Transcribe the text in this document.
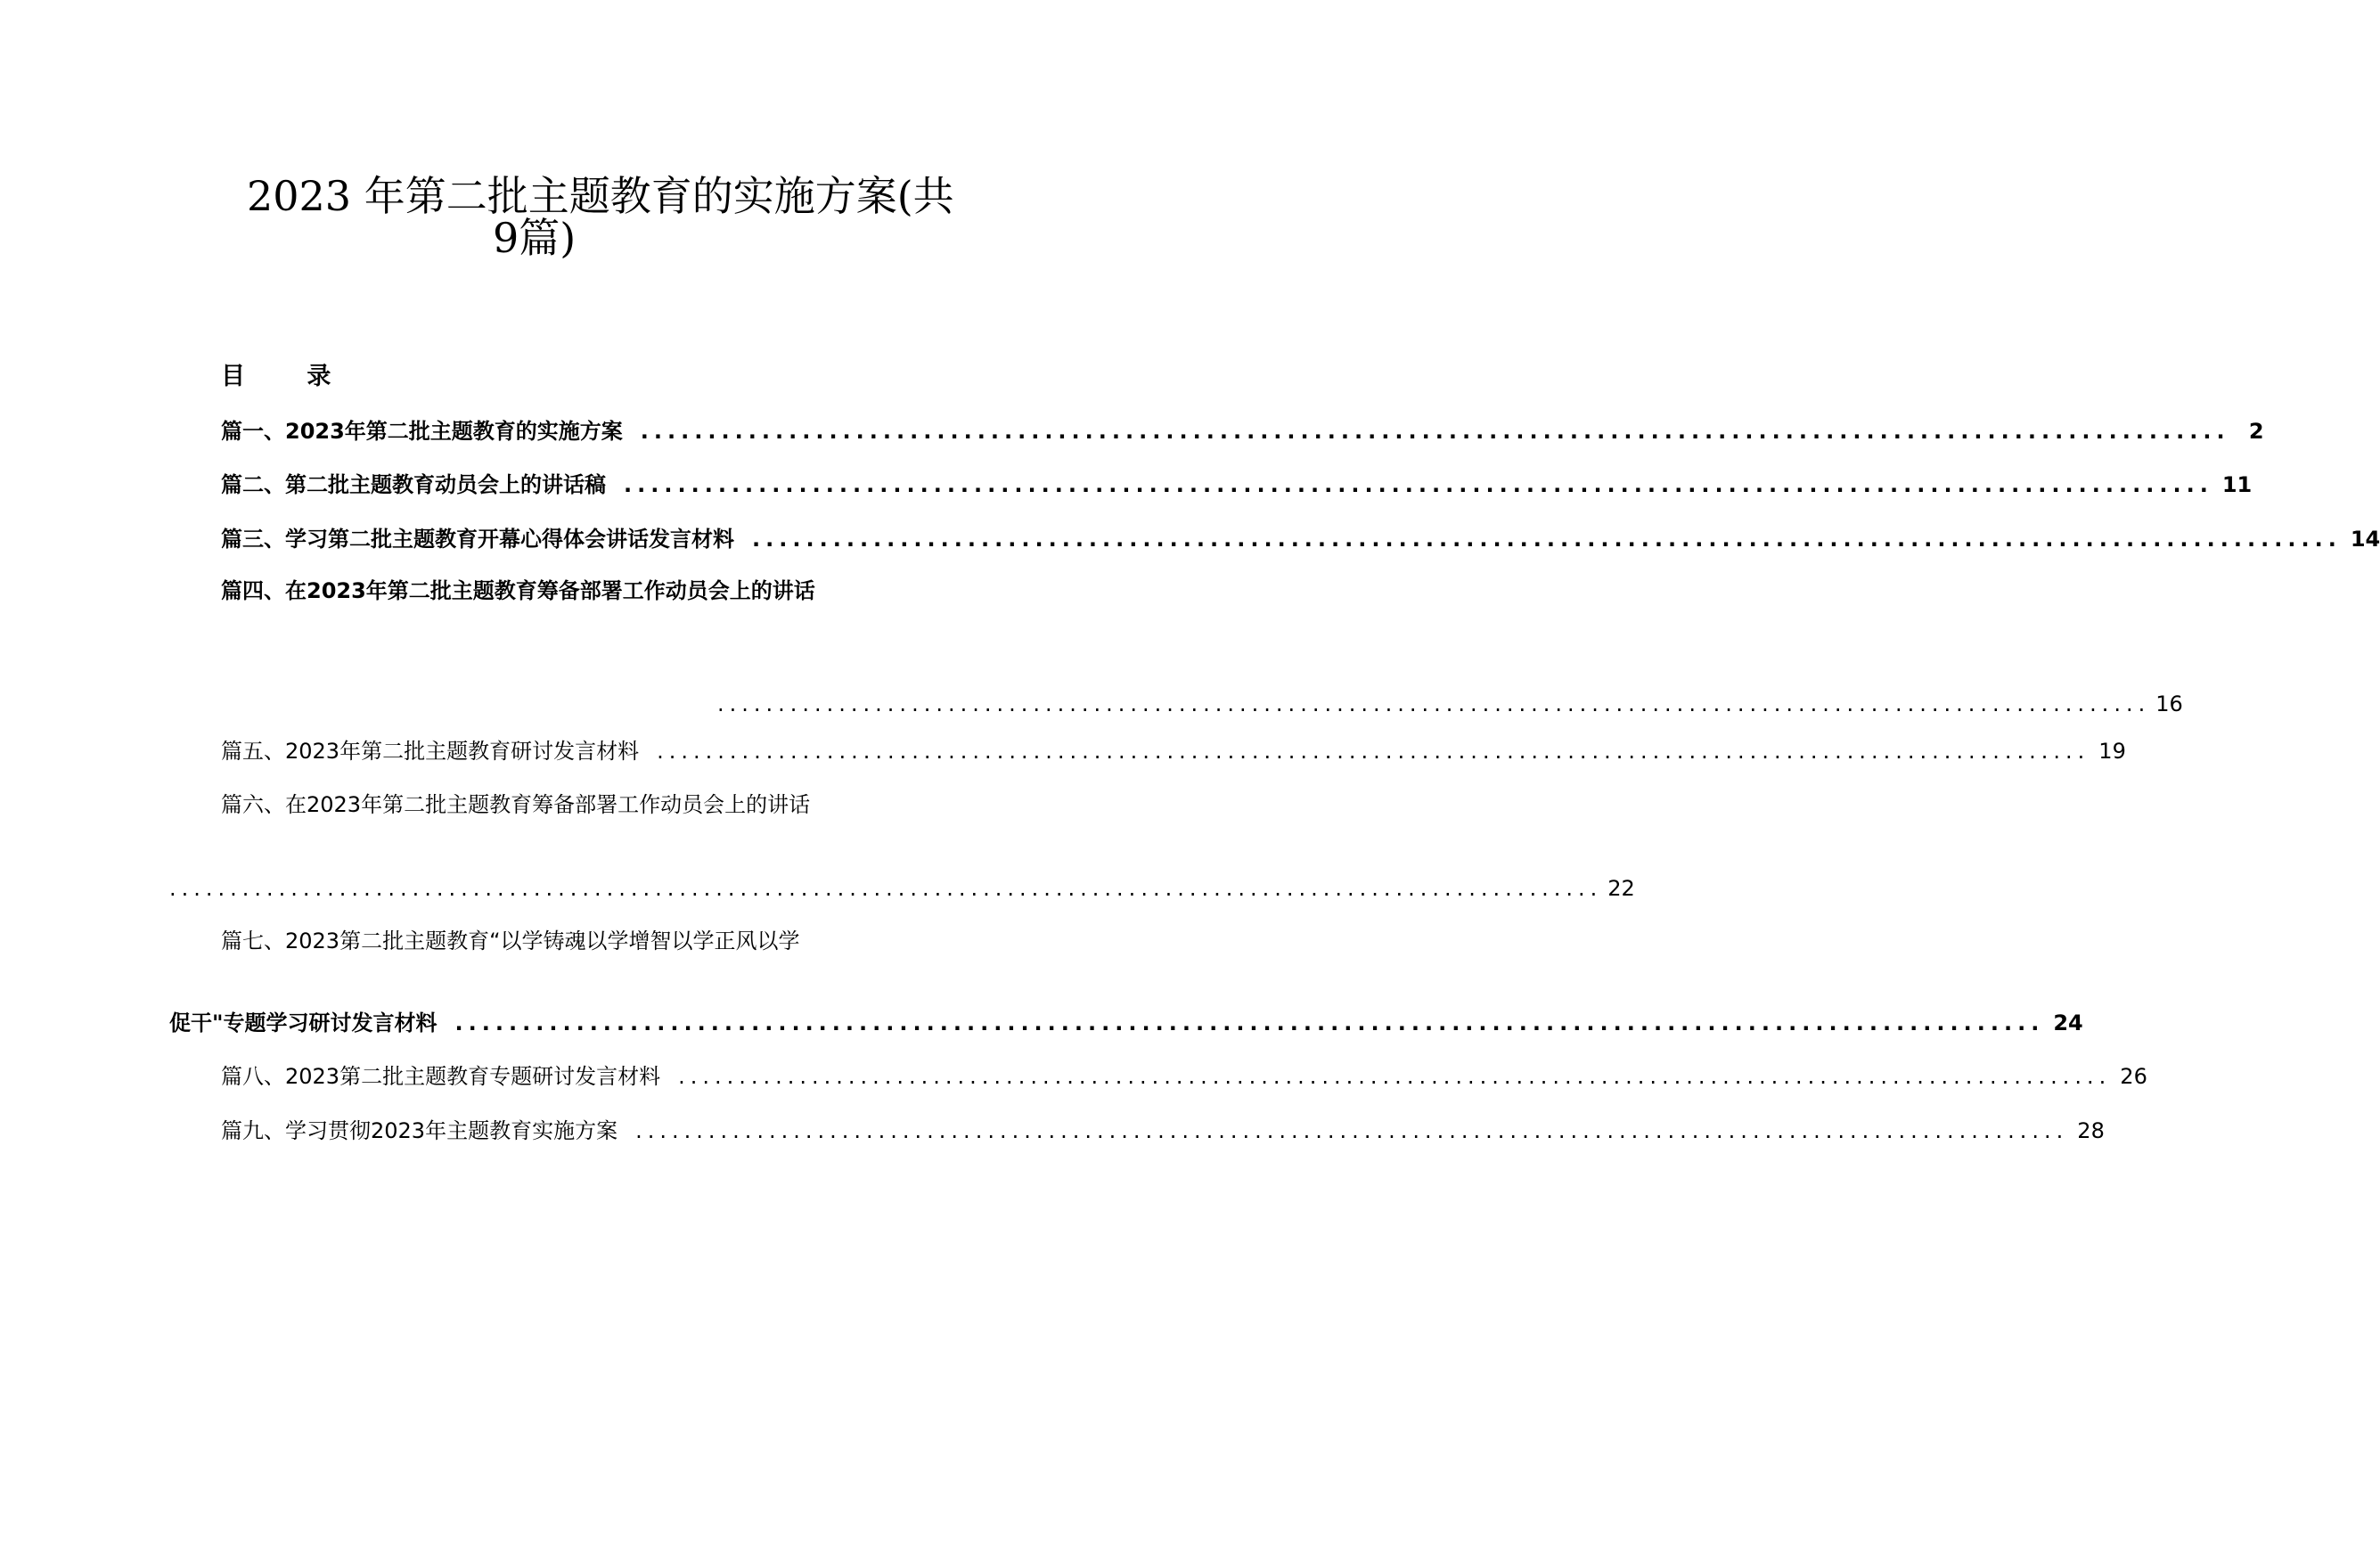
2023 年第二批主题教育的实施方案(共
9篇)
目 录
篇一、2023年第二批主题教育的实施方案 ...................................................................................................................... 2
篇二、第二批主题教育动员会上的讲话稿 ...................................................................................................................... 11
篇三、学习第二批主题教育开幕心得体会讲话发言材料 ...................................................................................................................... 14
篇四、在2023年第二批主题教育筹备部署工作动员会上的讲话
...................................................................................................................... 16
篇五、2023年第二批主题教育研讨发言材料 ...................................................................................................................... 19
篇六、在2023年第二批主题教育筹备部署工作动员会上的讲话
...................................................................................................................... 22
篇七、2023第二批主题教育“以学铸魂以学增智以学正风以学
促干"专题学习研讨发言材料 ...................................................................................................................... 24
篇八、2023第二批主题教育专题研讨发言材料 ...................................................................................................................... 26
篇九、学习贯彻2023年主题教育实施方案 ...................................................................................................................... 28
